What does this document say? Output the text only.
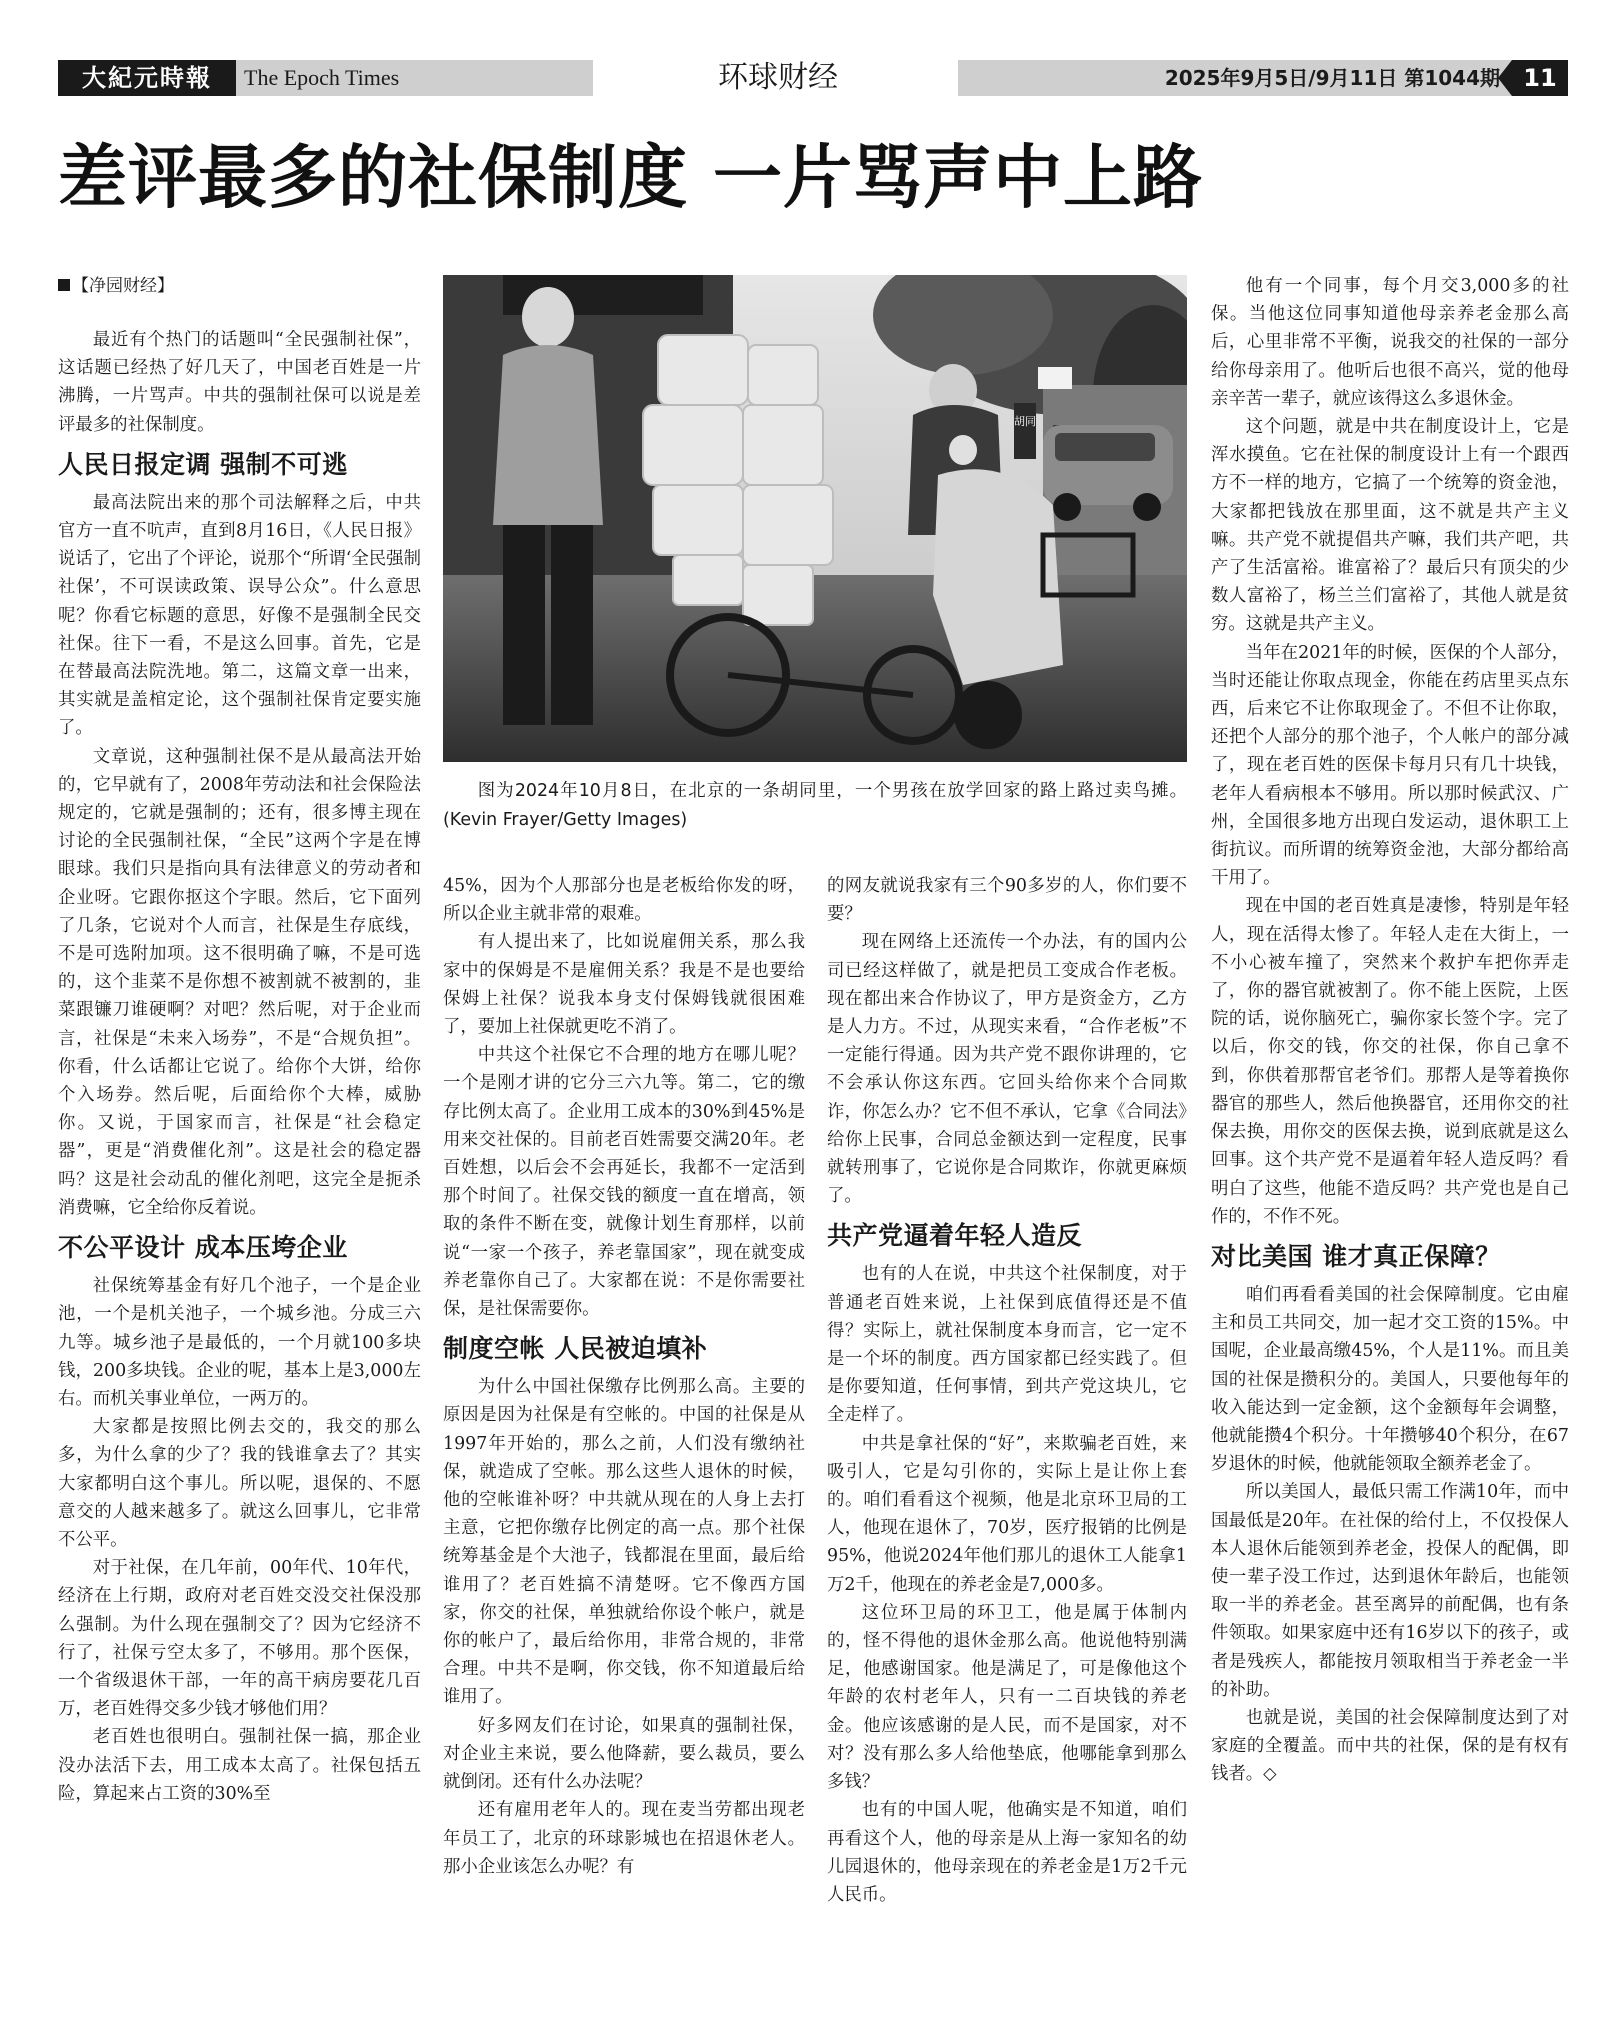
大紀元時報	The Epoch Times	环球财经	2025年9月5日/9月11日 第1044期 11
差评最多的社保制度 一片骂声中上路
【净园财经】

最近有个热门的话题叫“全民强制社保”，这话题已经热了好几天了，中国老百姓是一片沸腾，一片骂声。中共的强制社保可以说是差评最多的社保制度。

人民日报定调 强制不可逃

最高法院出来的那个司法解释之后，中共官方一直不吭声，直到8月16日，《人民日报》说话了，它出了个评论，说那个“所谓‘全民强制社保’，不可误读政策、误导公众”。什么意思呢？你看它标题的意思，好像不是强制全民交社保。往下一看，不是这么回事。首先，它是在替最高法院洗地。第二，这篇文章一出来，其实就是盖棺定论，这个强制社保肯定要实施了。

文章说，这种强制社保不是从最高法开始的，它早就有了，2008年劳动法和社会保险法规定的，它就是强制的；还有，很多博主现在讨论的全民强制社保，“全民”这两个字是在博眼球。我们只是指向具有法律意义的劳动者和企业呀。它跟你抠这个字眼。然后，它下面列了几条，它说对个人而言，社保是生存底线，不是可选附加项。这不很明确了嘛，不是可选的，这个韭菜不是你想不被割就不被割的，韭菜跟镰刀谁硬啊？对吧？然后呢，对于企业而言，社保是“未来入场券”，不是“合规负担”。你看，什么话都让它说了。给你个大饼，给你个入场券。然后呢，后面给你个大棒，威胁你。又说，于国家而言，社保是“社会稳定器”，更是“消费催化剂”。这是社会的稳定器吗？这是社会动乱的催化剂吧，这完全是扼杀消费嘛，它全给你反着说。

不公平设计 成本压垮企业

社保统筹基金有好几个池子，一个是企业池，一个是机关池子，一个城乡池。分成三六九等。城乡池子是最低的，一个月就100多块钱，200多块钱。企业的呢，基本上是3,000左右。而机关事业单位，一两万的。

大家都是按照比例去交的，我交的那么多，为什么拿的少了？我的钱谁拿去了？其实大家都明白这个事儿。所以呢，退保的、不愿意交的人越来越多了。就这么回事儿，它非常不公平。

对于社保，在几年前，00年代、10年代，经济在上行期，政府对老百姓交没交社保没那么强制。为什么现在强制交了？因为它经济不行了，社保亏空太多了，不够用。那个医保，一个省级退休干部，一年的高干病房要花几百万，老百姓得交多少钱才够他们用？

老百姓也很明白。强制社保一搞，那企业没办法活下去，用工成本太高了。社保包括五险，算起来占工资的30%至

胡同
图为2024年10月8日，在北京的一条胡同里，一个男孩在放学回家的路上路过卖鸟摊。(Kevin Frayer/Getty Images)

45%，因为个人那部分也是老板给你发的呀，所以企业主就非常的艰难。

有人提出来了，比如说雇佣关系，那么我家中的保姆是不是雇佣关系？我是不是也要给保姆上社保？说我本身支付保姆钱就很困难了，要加上社保就更吃不消了。

中共这个社保它不合理的地方在哪儿呢？一个是刚才讲的它分三六九等。第二，它的缴存比例太高了。企业用工成本的30%到45%是用来交社保的。目前老百姓需要交满20年。老百姓想，以后会不会再延长，我都不一定活到那个时间了。社保交钱的额度一直在增高，领取的条件不断在变，就像计划生育那样，以前说“一家一个孩子，养老靠国家”，现在就变成养老靠你自己了。大家都在说：不是你需要社保，是社保需要你。

制度空帐 人民被迫填补

为什么中国社保缴存比例那么高。主要的原因是因为社保是有空帐的。中国的社保是从1997年开始的，那么之前，人们没有缴纳社保，就造成了空帐。那么这些人退休的时候，他的空帐谁补呀？中共就从现在的人身上去打主意，它把你缴存比例定的高一点。那个社保统筹基金是个大池子，钱都混在里面，最后给谁用了？老百姓搞不清楚呀。它不像西方国家，你交的社保，单独就给你设个帐户，就是你的帐户了，最后给你用，非常合规的，非常合理。中共不是啊，你交钱，你不知道最后给谁用了。

好多网友们在讨论，如果真的强制社保，对企业主来说，要么他降薪，要么裁员，要么就倒闭。还有什么办法呢？

还有雇用老年人的。现在麦当劳都出现老年员工了，北京的环球影城也在招退休老人。那小企业该怎么办呢？有

的网友就说我家有三个90多岁的人，你们要不要？

现在网络上还流传一个办法，有的国内公司已经这样做了，就是把员工变成合作老板。现在都出来合作协议了，甲方是资金方，乙方是人力方。不过，从现实来看，“合作老板”不一定能行得通。因为共产党不跟你讲理的，它不会承认你这东西。它回头给你来个合同欺诈，你怎么办？它不但不承认，它拿《合同法》给你上民事，合同总金额达到一定程度，民事就转刑事了，它说你是合同欺诈，你就更麻烦了。

共产党逼着年轻人造反

也有的人在说，中共这个社保制度，对于普通老百姓来说，上社保到底值得还是不值得？实际上，就社保制度本身而言，它一定不是一个坏的制度。西方国家都已经实践了。但是你要知道，任何事情，到共产党这块儿，它全走样了。

中共是拿社保的“好”，来欺骗老百姓，来吸引人，它是勾引你的，实际上是让你上套的。咱们看看这个视频，他是北京环卫局的工人，他现在退休了，70岁，医疗报销的比例是95%，他说2024年他们那儿的退休工人能拿1万2千，他现在的养老金是7,000多。

这位环卫局的环卫工，他是属于体制内的，怪不得他的退休金那么高。他说他特别满足，他感谢国家。他是满足了，可是像他这个年龄的农村老年人，只有一二百块钱的养老金。他应该感谢的是人民，而不是国家，对不对？没有那么多人给他垫底，他哪能拿到那么多钱？

也有的中国人呢，他确实是不知道，咱们再看这个人，他的母亲是从上海一家知名的幼儿园退休的，他母亲现在的养老金是1万2千元人民币。

他有一个同事，每个月交3,000多的社保。当他这位同事知道他母亲养老金那么高后，心里非常不平衡，说我交的社保的一部分给你母亲用了。他听后也很不高兴，觉的他母亲辛苦一辈子，就应该得这么多退休金。

这个问题，就是中共在制度设计上，它是浑水摸鱼。它在社保的制度设计上有一个跟西方不一样的地方，它搞了一个统筹的资金池，大家都把钱放在那里面，这不就是共产主义嘛。共产党不就提倡共产嘛，我们共产吧，共产了生活富裕。谁富裕了？最后只有顶尖的少数人富裕了，杨兰兰们富裕了，其他人就是贫穷。这就是共产主义。

当年在2021年的时候，医保的个人部分，当时还能让你取点现金，你能在药店里买点东西，后来它不让你取现金了。不但不让你取，还把个人部分的那个池子，个人帐户的部分减了，现在老百姓的医保卡每月只有几十块钱，老年人看病根本不够用。所以那时候武汉、广州，全国很多地方出现白发运动，退休职工上街抗议。而所谓的统筹资金池，大部分都给高干用了。

现在中国的老百姓真是凄惨，特别是年轻人，现在活得太惨了。年轻人走在大街上，一不小心被车撞了，突然来个救护车把你弄走了，你的器官就被割了。你不能上医院，上医院的话，说你脑死亡，骗你家长签个字。完了以后，你交的钱，你交的社保，你自己拿不到，你供着那帮官老爷们。那帮人是等着换你器官的那些人，然后他换器官，还用你交的社保去换，用你交的医保去换，说到底就是这么回事。这个共产党不是逼着年轻人造反吗？看明白了这些，他能不造反吗？共产党也是自己作的，不作不死。

对比美国 谁才真正保障？

咱们再看看美国的社会保障制度。它由雇主和员工共同交，加一起才交工资的15%。中国呢，企业最高缴45%，个人是11%。而且美国的社保是攒积分的。美国人，只要他每年的收入能达到一定金额，这个金额每年会调整，他就能攒4个积分。十年攒够40个积分，在67岁退休的时候，他就能领取全额养老金了。

所以美国人，最低只需工作满10年，而中国最低是20年。在社保的给付上，不仅投保人本人退休后能领到养老金，投保人的配偶，即使一辈子没工作过，达到退休年龄后，也能领取一半的养老金。甚至离异的前配偶，也有条件领取。如果家庭中还有16岁以下的孩子，或者是残疾人，都能按月领取相当于养老金一半的补助。

也就是说，美国的社会保障制度达到了对家庭的全覆盖。而中共的社保，保的是有权有钱者。◇
